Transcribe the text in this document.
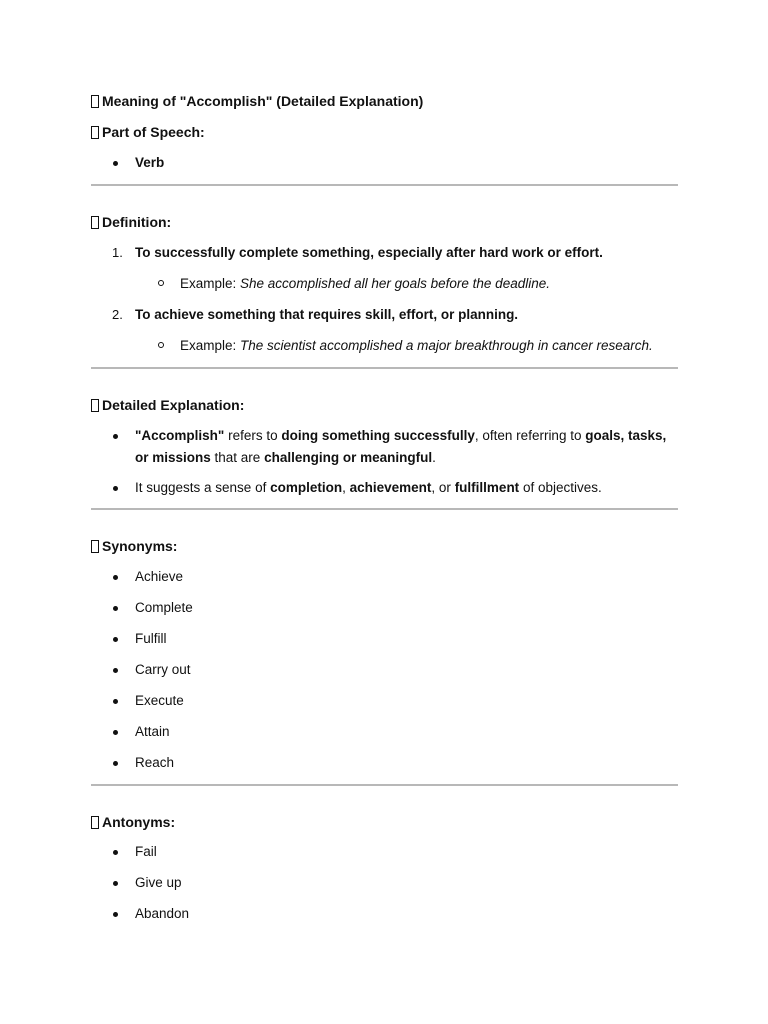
Meaning of "Accomplish" (Detailed Explanation)
Part of Speech:
Verb
Definition:
1. To successfully complete something, especially after hard work or effort.
Example: She accomplished all her goals before the deadline.
2. To achieve something that requires skill, effort, or planning.
Example: The scientist accomplished a major breakthrough in cancer research.
Detailed Explanation:
"Accomplish" refers to doing something successfully, often referring to goals, tasks, or missions that are challenging or meaningful.
It suggests a sense of completion, achievement, or fulfillment of objectives.
Synonyms:
Achieve
Complete
Fulfill
Carry out
Execute
Attain
Reach
Antonyms:
Fail
Give up
Abandon
